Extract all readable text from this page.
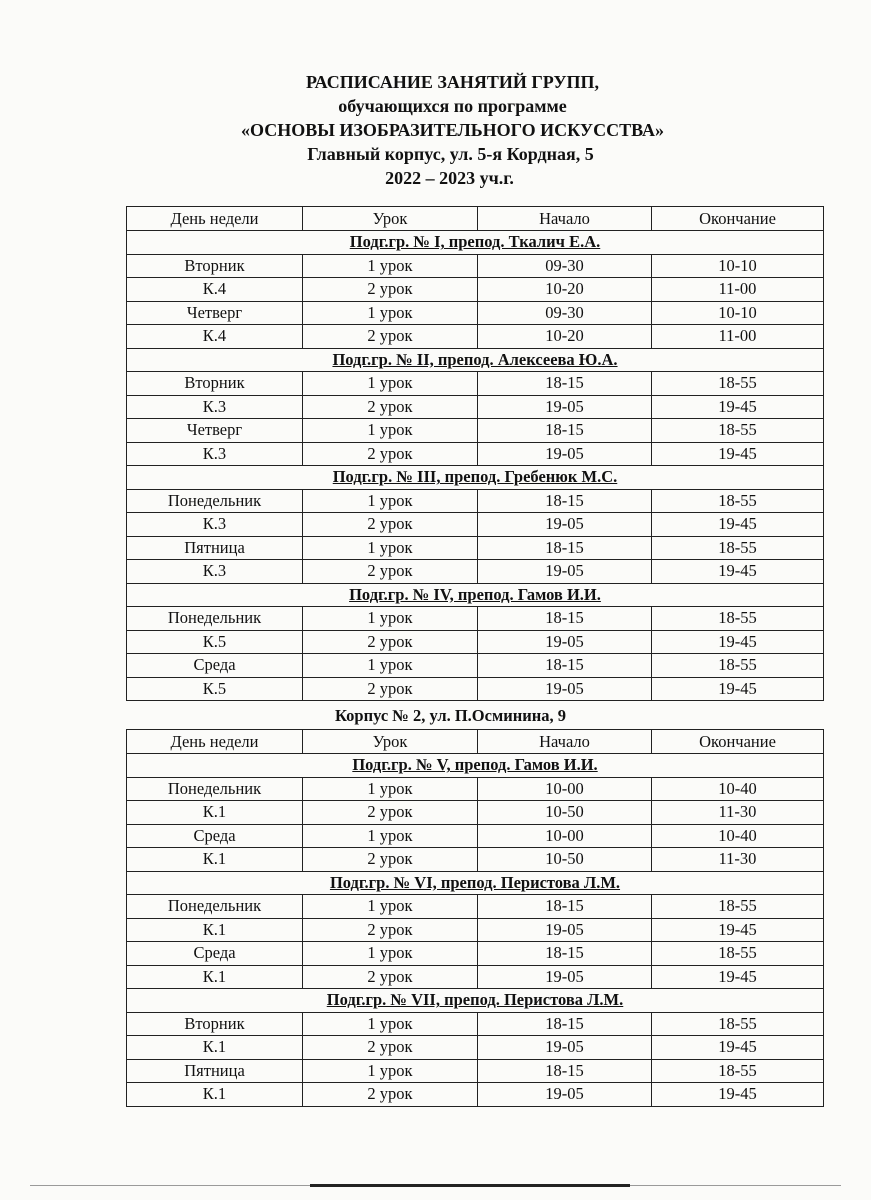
РАСПИСАНИЕ ЗАНЯТИЙ ГРУПП,
обучающихся по программе
«ОСНОВЫ ИЗОБРАЗИТЕЛЬНОГО ИСКУССТВА»
Главный корпус, ул. 5-я Кордная, 5
2022 – 2023 уч.г.
День недели	Урок	Начало	Окончание
Подг.гр. № I, препод. Ткалич Е.А.			
Вторник	1 урок	09-30	10-10
К.4	2 урок	10-20	11-00
Четверг	1 урок	09-30	10-10
К.4	2 урок	10-20	11-00
Подг.гр. № II, препод. Алексеева Ю.А.			
Вторник	1 урок	18-15	18-55
К.3	2 урок	19-05	19-45
Четверг	1 урок	18-15	18-55
К.3	2 урок	19-05	19-45
Подг.гр. № III, препод. Гребенюк М.С.			
Понедельник	1 урок	18-15	18-55
К.3	2 урок	19-05	19-45
Пятница	1 урок	18-15	18-55
К.3	2 урок	19-05	19-45
Подг.гр. № IV, препод. Гамов И.И.			
Понедельник	1 урок	18-15	18-55
К.5	2 урок	19-05	19-45
Среда	1 урок	18-15	18-55
К.5	2 урок	19-05	19-45
Корпус № 2, ул. П.Осминина, 9
День недели	Урок	Начало	Окончание
Подг.гр. № V, препод. Гамов И.И.			
Понедельник	1 урок	10-00	10-40
К.1	2 урок	10-50	11-30
Среда	1 урок	10-00	10-40
К.1	2 урок	10-50	11-30
Подг.гр. № VI, препод. Перистова Л.М.			
Понедельник	1 урок	18-15	18-55
К.1	2 урок	19-05	19-45
Среда	1 урок	18-15	18-55
К.1	2 урок	19-05	19-45
Подг.гр. № VII, препод. Перистова Л.М.			
Вторник	1 урок	18-15	18-55
К.1	2 урок	19-05	19-45
Пятница	1 урок	18-15	18-55
К.1	2 урок	19-05	19-45
